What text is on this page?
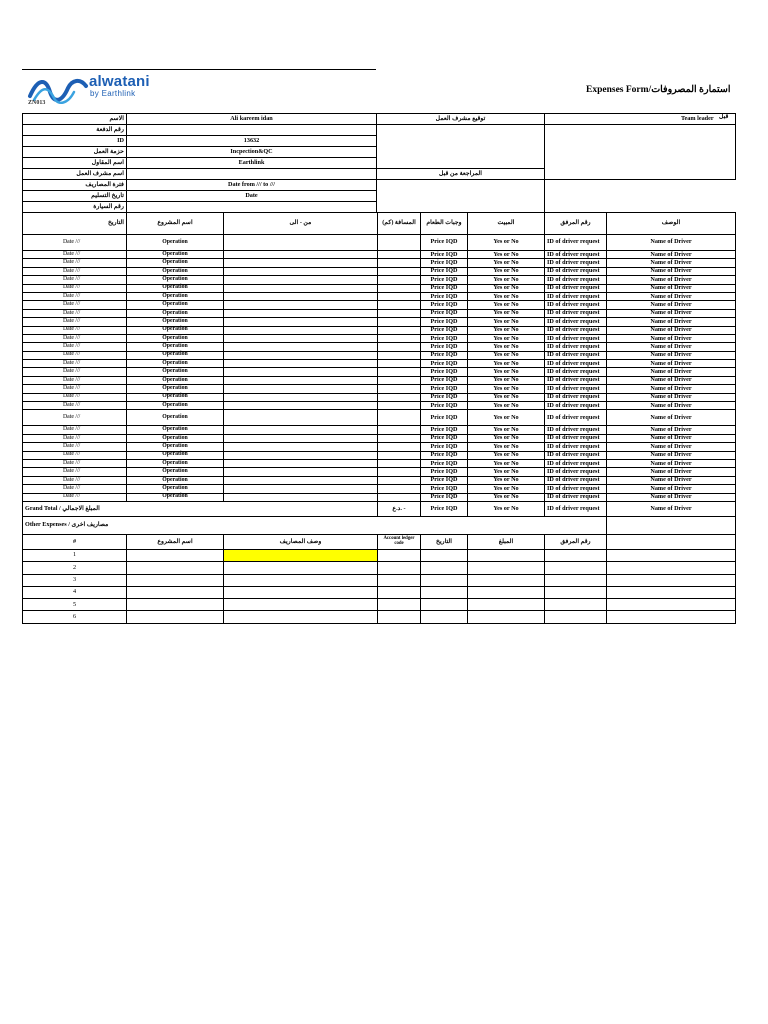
alwatani
by Earthlink
ZN013
Expenses Form/استمارة المصروفات
الاسم	Ali kareem idan	توقيع مشرف العمل	قبل

رقم الدفعة			Team leader

ID	13632		
حزمة العمل	Incpection&QC		
اسم المقاول	Earthlink		
اسم مشرف العمل		المراجعة من قبل	
فترة المصاريف	Date from /// to ///		
تاريخ التسليم	Date		
رقم السيارة			
التاريخ	اسم المشروع	من - الى	المسافة (كم)	وجبات الطعام	المبيت	رقم المرفق	الوصف
Date ///	Operation			Price IQD	Yes or No	ID of driver request	Name of Driver
Date ///	Operation			Price IQD	Yes or No	ID of driver request	Name of Driver
Date ///	Operation			Price IQD	Yes or No	ID of driver request	Name of Driver
Date ///	Operation			Price IQD	Yes or No	ID of driver request	Name of Driver
Date ///	Operation			Price IQD	Yes or No	ID of driver request	Name of Driver
Date ///	Operation			Price IQD	Yes or No	ID of driver request	Name of Driver
Date ///	Operation			Price IQD	Yes or No	ID of driver request	Name of Driver
Date ///	Operation			Price IQD	Yes or No	ID of driver request	Name of Driver
Date ///	Operation			Price IQD	Yes or No	ID of driver request	Name of Driver
Date ///	Operation			Price IQD	Yes or No	ID of driver request	Name of Driver
Date ///	Operation			Price IQD	Yes or No	ID of driver request	Name of Driver
Date ///	Operation			Price IQD	Yes or No	ID of driver request	Name of Driver
Date ///	Operation			Price IQD	Yes or No	ID of driver request	Name of Driver
Date ///	Operation			Price IQD	Yes or No	ID of driver request	Name of Driver
Date ///	Operation			Price IQD	Yes or No	ID of driver request	Name of Driver
Date ///	Operation			Price IQD	Yes or No	ID of driver request	Name of Driver
Date ///	Operation			Price IQD	Yes or No	ID of driver request	Name of Driver
Date ///	Operation			Price IQD	Yes or No	ID of driver request	Name of Driver
Date ///	Operation			Price IQD	Yes or No	ID of driver request	Name of Driver
Date ///	Operation			Price IQD	Yes or No	ID of driver request	Name of Driver
Date ///	Operation			Price IQD	Yes or No	ID of driver request	Name of Driver
Date ///	Operation			Price IQD	Yes or No	ID of driver request	Name of Driver
Date ///	Operation			Price IQD	Yes or No	ID of driver request	Name of Driver
Date ///	Operation			Price IQD	Yes or No	ID of driver request	Name of Driver
Date ///	Operation			Price IQD	Yes or No	ID of driver request	Name of Driver
Date ///	Operation			Price IQD	Yes or No	ID of driver request	Name of Driver
Date ///	Operation			Price IQD	Yes or No	ID of driver request	Name of Driver
Date ///	Operation			Price IQD	Yes or No	ID of driver request	Name of Driver
Date ///	Operation			Price IQD	Yes or No	ID of driver request	Name of Driver
Date ///	Operation			Price IQD	Yes or No	ID of driver request	Name of Driver
Grand Total / المبلغ الاجمالي			د.ع. -	Price IQD	Yes or No	ID of driver request	Name of Driver
Other Expenses / مصاريف اخرى							
#	اسم المشروع	وصف المصاريف	Account ledger code	التاريخ	المبلغ	رقم المرفق	
1							
2							
3							
4							
5							
6							
